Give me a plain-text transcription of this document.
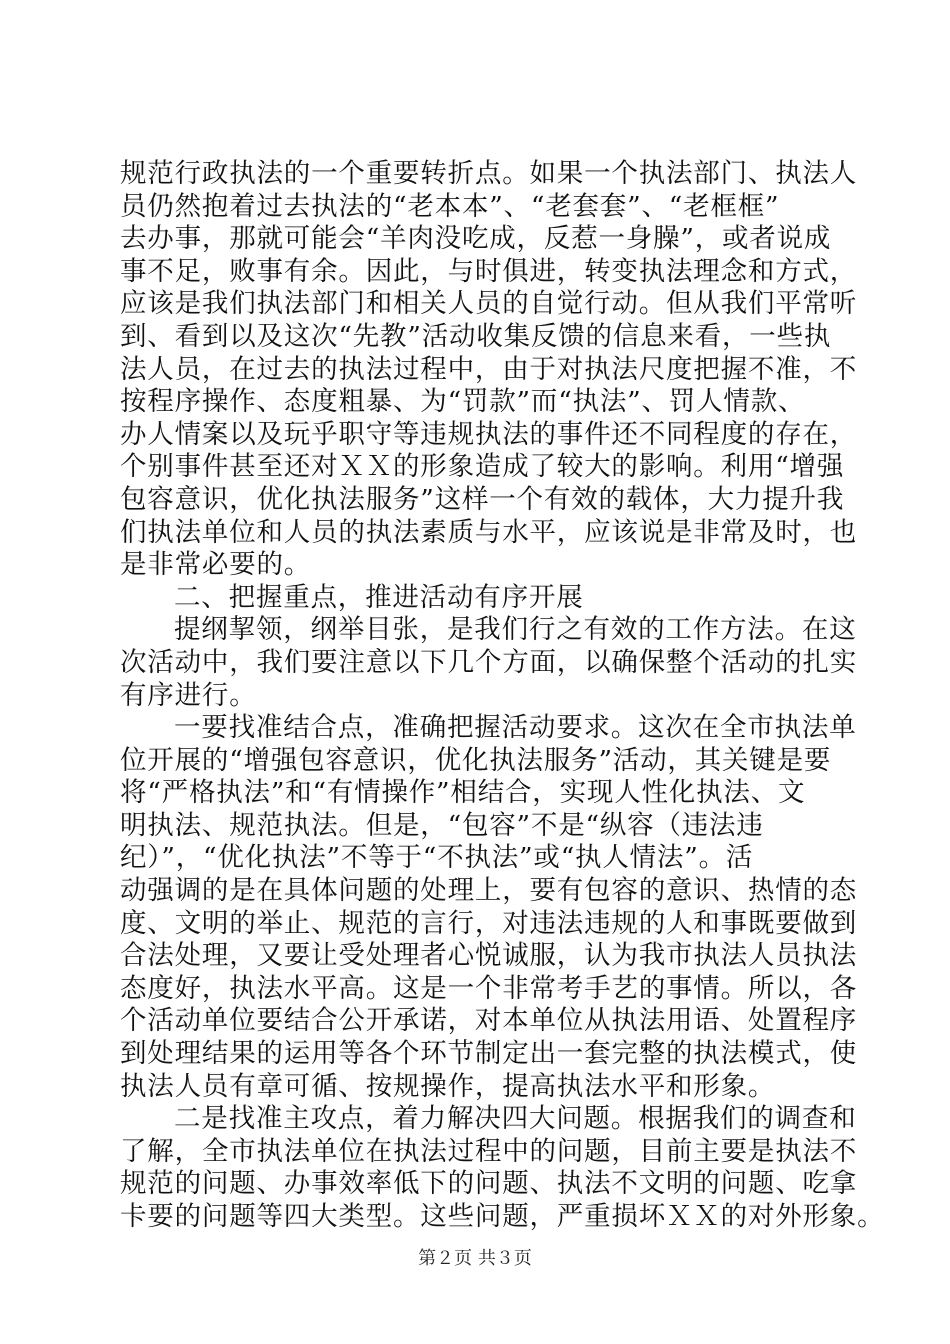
规范行政执法的一个重要转折点。如果一个执法部门、执法人
员仍然抱着过去执法的“老本本”、“老套套”、“老框框”
去办事，那就可能会“羊肉没吃成，反惹一身臊”，或者说成
事不足，败事有余。因此，与时俱进，转变执法理念和方式，
应该是我们执法部门和相关人员的自觉行动。但从我们平常听
到、看到以及这次“先教”活动收集反馈的信息来看，一些执
法人员，在过去的执法过程中，由于对执法尺度把握不准，不
按程序操作、态度粗暴、为“罚款”而“执法”、罚人情款、
办人情案以及玩乎职守等违规执法的事件还不同程度的存在，
个别事件甚至还对ＸＸ的形象造成了较大的影响。利用“增强
包容意识，优化执法服务”这样一个有效的载体，大力提升我
们执法单位和人员的执法素质与水平，应该说是非常及时，也
是非常必要的。
二、把握重点，推进活动有序开展
提纲挈领，纲举目张，是我们行之有效的工作方法。在这
次活动中，我们要注意以下几个方面，以确保整个活动的扎实
有序进行。
一要找准结合点，准确把握活动要求。这次在全市执法单
位开展的“增强包容意识，优化执法服务”活动，其关键是要
将“严格执法”和“有情操作”相结合，实现人性化执法、文
明执法、规范执法。但是，“包容”不是“纵容（违法违
纪）”，“优化执法”不等于“不执法”或“执人情法”。活
动强调的是在具体问题的处理上，要有包容的意识、热情的态
度、文明的举止、规范的言行，对违法违规的人和事既要做到
合法处理，又要让受处理者心悦诚服，认为我市执法人员执法
态度好，执法水平高。这是一个非常考手艺的事情。所以，各
个活动单位要结合公开承诺，对本单位从执法用语、处置程序
到处理结果的运用等各个环节制定出一套完整的执法模式，使
执法人员有章可循、按规操作，提高执法水平和形象。
二是找准主攻点，着力解决四大问题。根据我们的调查和
了解，全市执法单位在执法过程中的问题，目前主要是执法不
规范的问题、办事效率低下的问题、执法不文明的问题、吃拿
卡要的问题等四大类型。这些问题，严重损坏ＸＸ的对外形象。
第２页 共３页
